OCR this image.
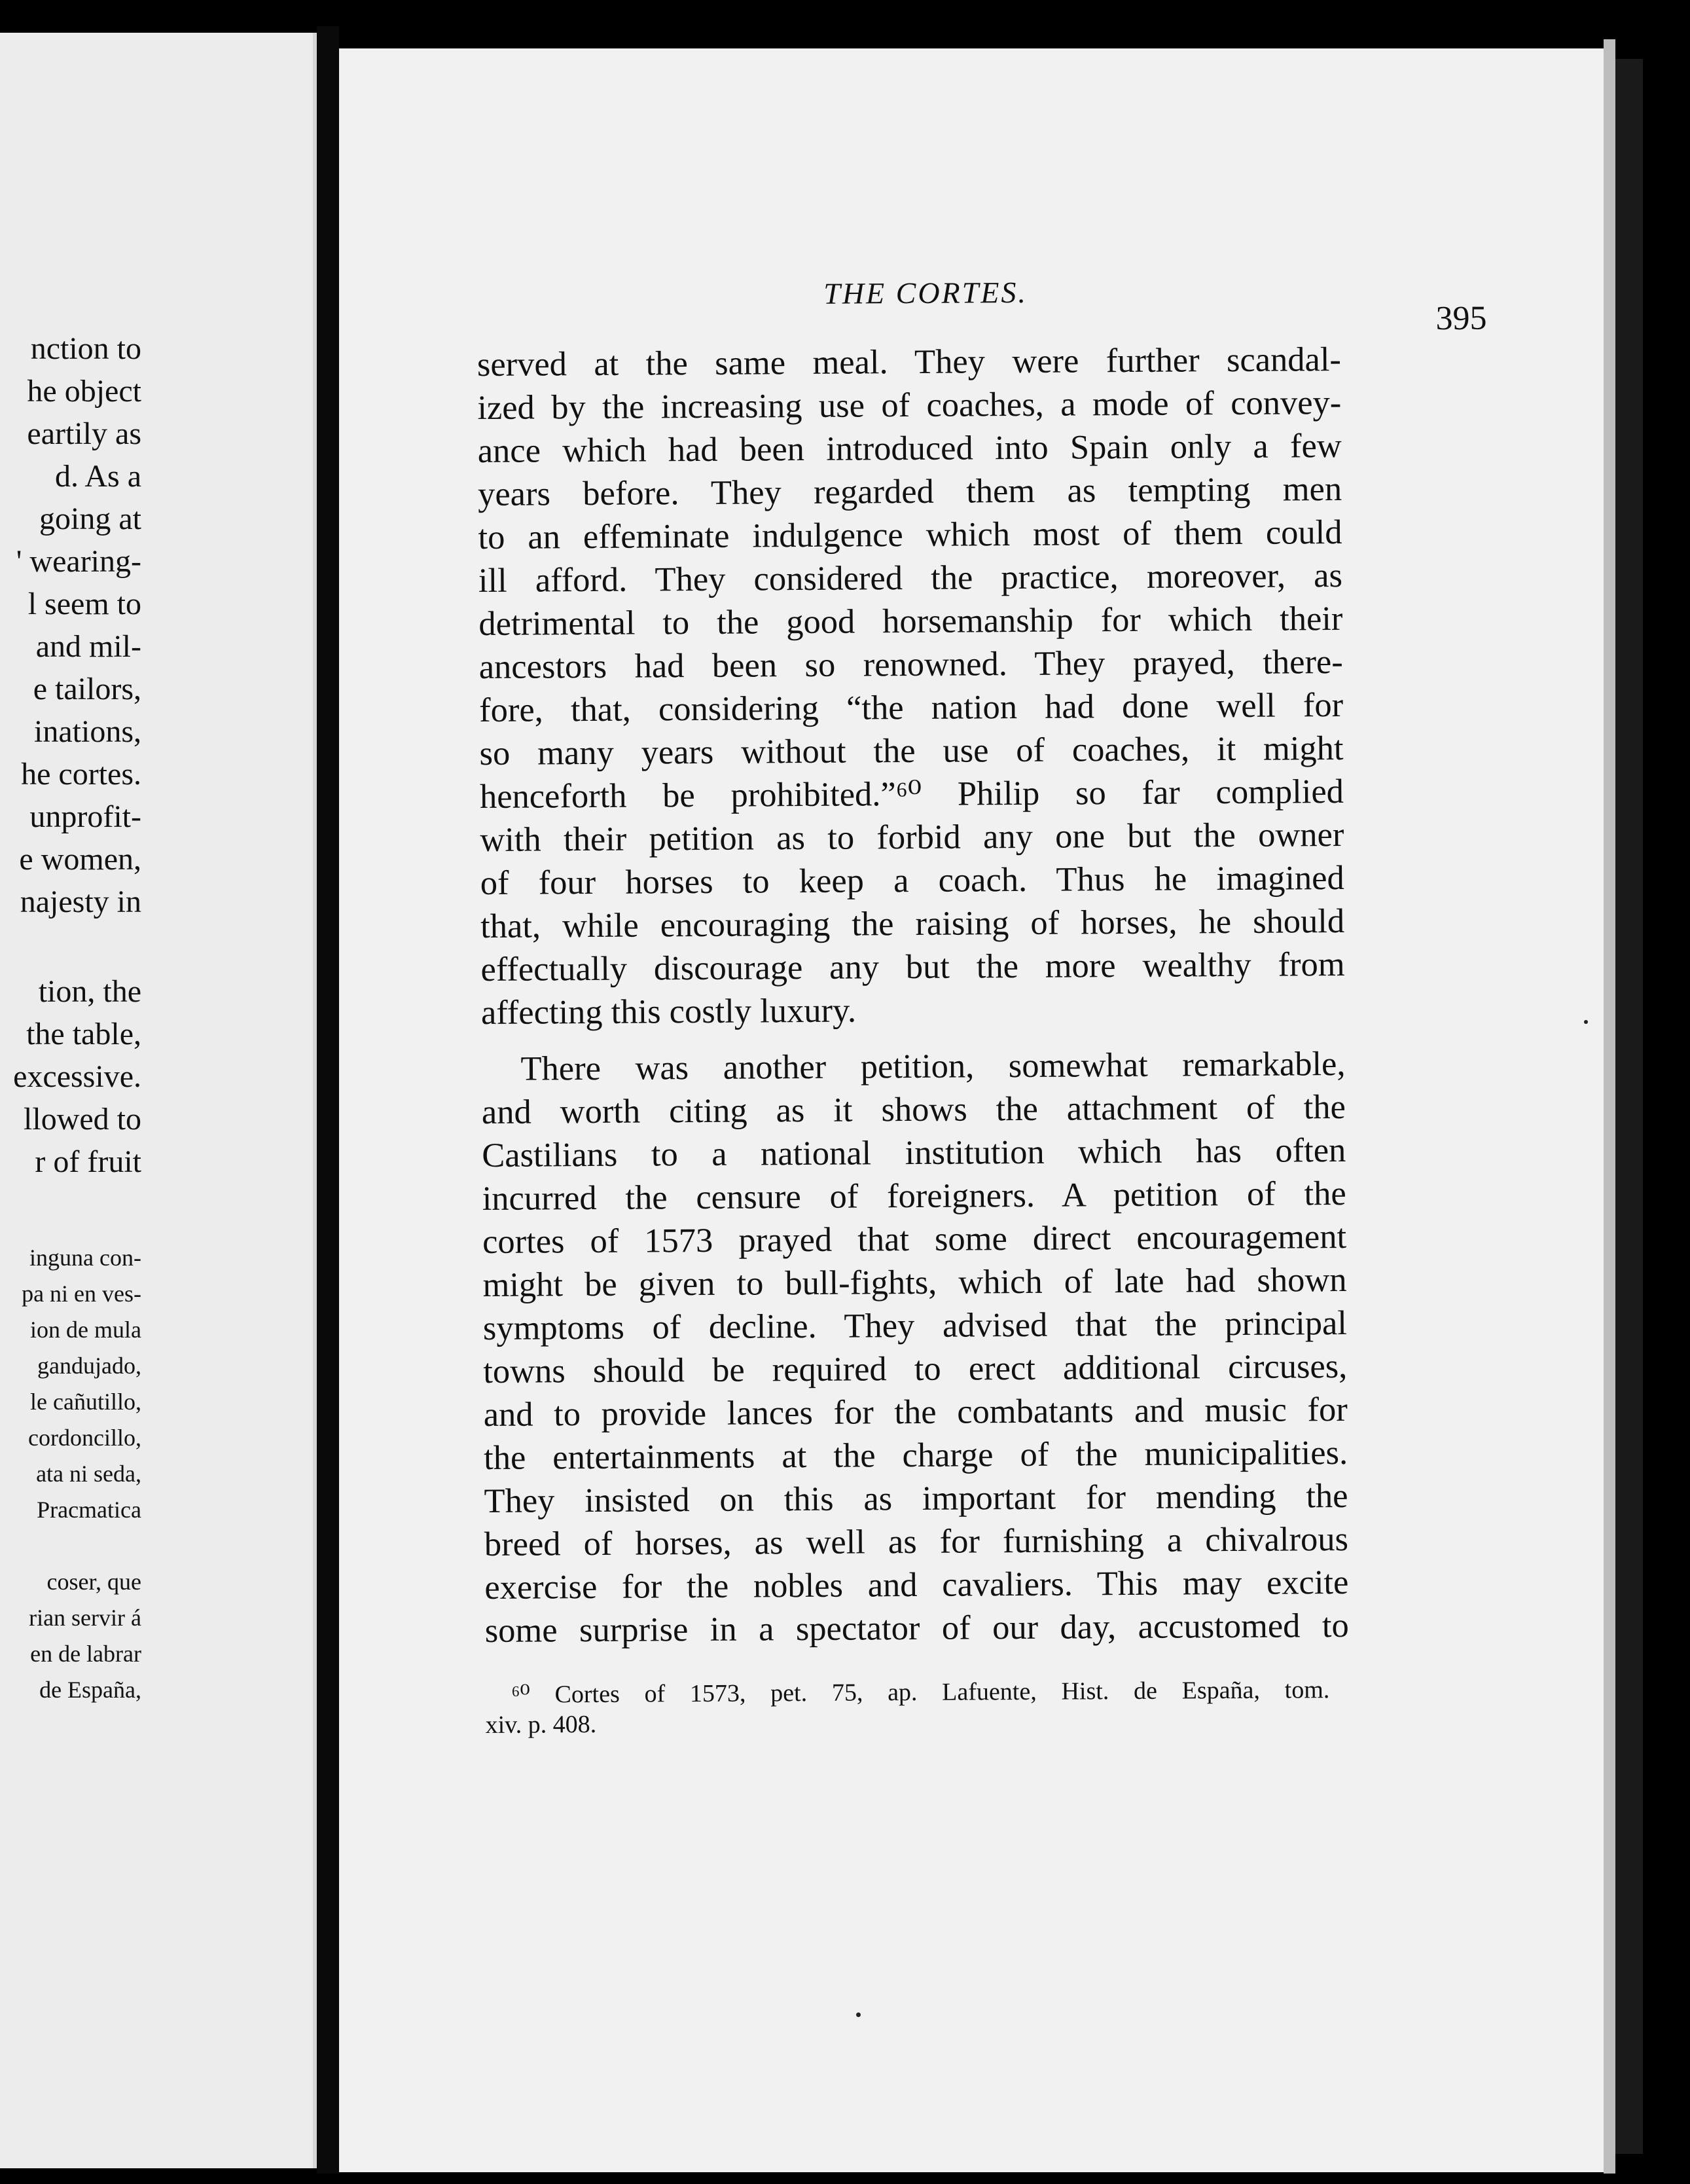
nction to
he object
eartily as
d. As a
going at
' wearing-
l seem to
and mil-
e tailors,
inations,
he cortes.
unprofit-
e women,
najesty in
tion, the
the table,
excessive.
llowed to
r of fruit
inguna con-
pa ni en ves-
ion de mula
gandujado,
le cañutillo,
cordoncillo,
ata ni seda,
Pracmatica
coser, que
rian servir á
en de labrar
de España,
THE CORTES.
395
served at the same meal. They were further scandal-
ized by the increasing use of coaches, a mode of convey-
ance which had been introduced into Spain only a few
years before. They regarded them as tempting men
to an effeminate indulgence which most of them could
ill afford. They considered the practice, moreover, as
detrimental to the good horsemanship for which their
ancestors had been so renowned. They prayed, there-
fore, that, considering “the nation had done well for
so many years without the use of coaches, it might
henceforth be prohibited.”⁶⁰ Philip so far complied
with their petition as to forbid any one but the owner
of four horses to keep a coach. Thus he imagined
that, while encouraging the raising of horses, he should
effectually discourage any but the more wealthy from
affecting this costly luxury.
There was another petition, somewhat remarkable,
and worth citing as it shows the attachment of the
Castilians to a national institution which has often
incurred the censure of foreigners. A petition of the
cortes of 1573 prayed that some direct encouragement
might be given to bull-fights, which of late had shown
symptoms of decline. They advised that the principal
towns should be required to erect additional circuses,
and to provide lances for the combatants and music for
the entertainments at the charge of the municipalities.
They insisted on this as important for mending the
breed of horses, as well as for furnishing a chivalrous
exercise for the nobles and cavaliers. This may excite
some surprise in a spectator of our day, accustomed to
⁶⁰ Cortes of 1573, pet. 75, ap. Lafuente, Hist. de España, tom.
xiv. p. 408.
